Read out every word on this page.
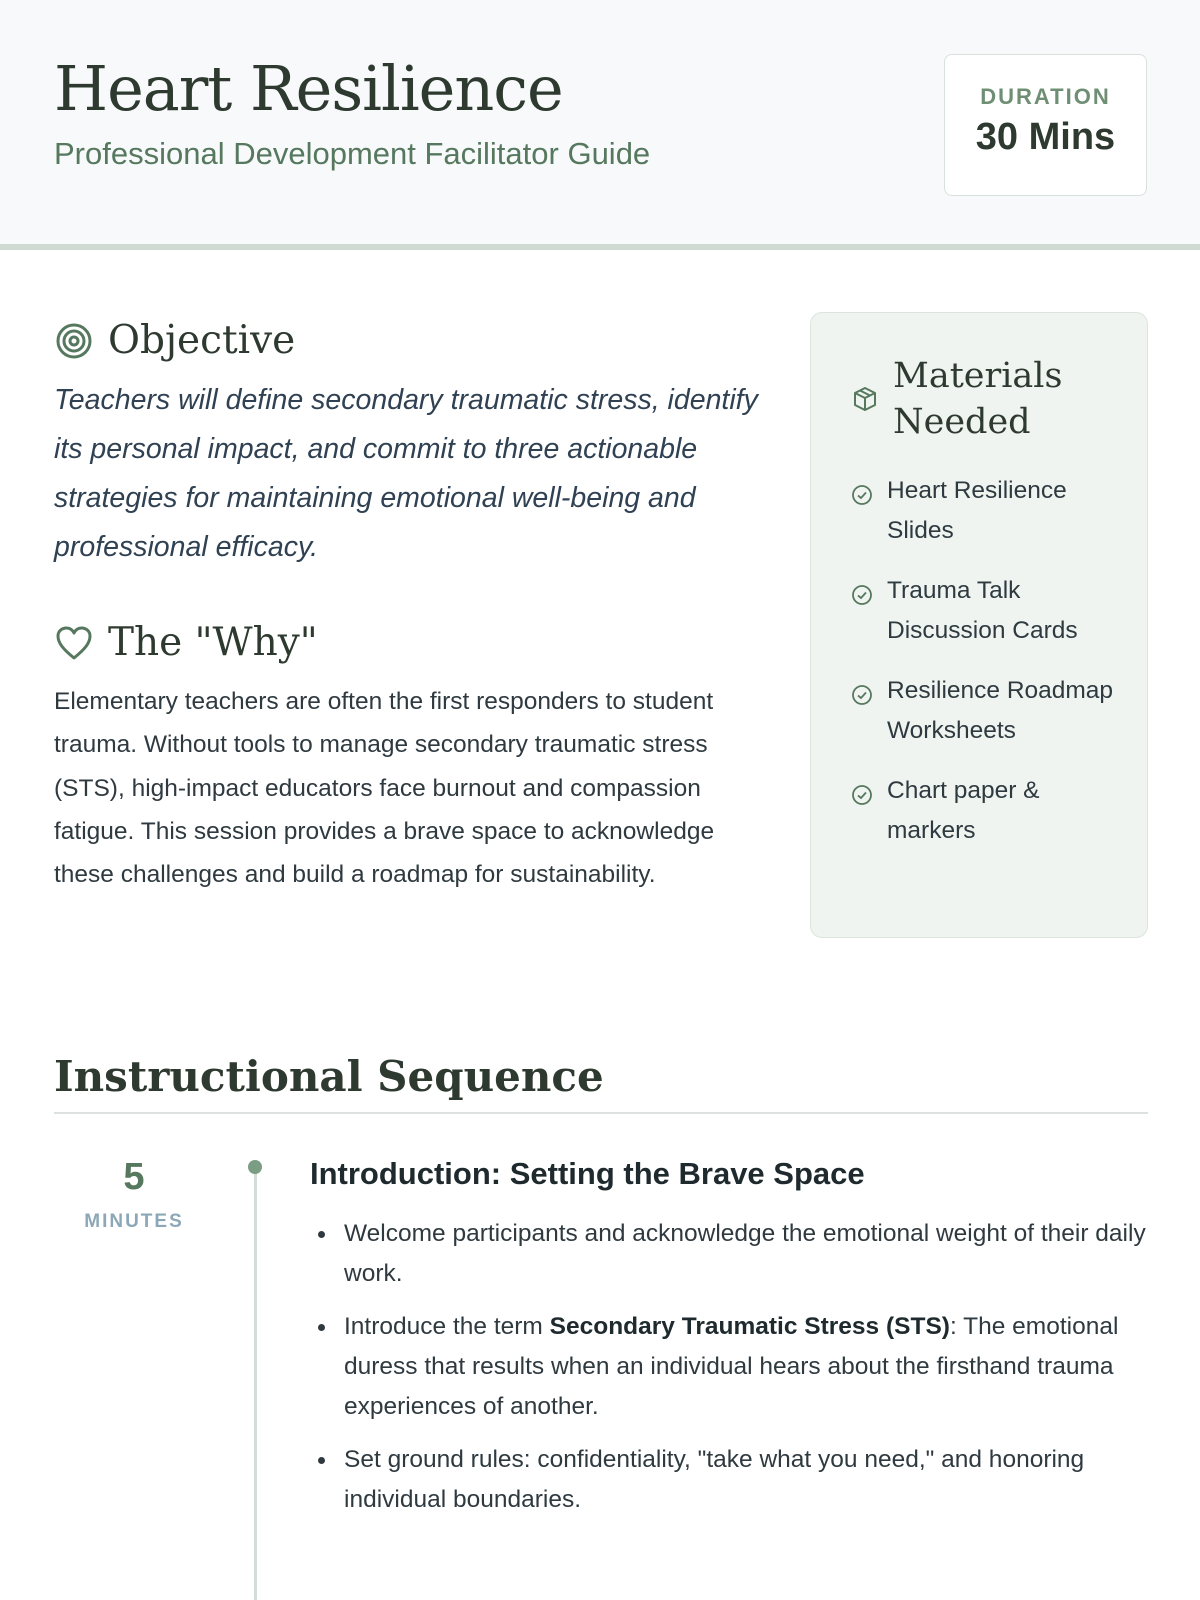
Heart Resilience
Professional Development Facilitator Guide
DURATION
30 Mins
Objective

Teachers will define secondary traumatic stress, identify its personal impact, and commit to three actionable strategies for maintaining emotional well-being and professional efficacy.

The "Why"

Elementary teachers are often the first responders to student trauma. Without tools to manage secondary traumatic stress (STS), high-impact educators face burnout and compassion fatigue. This session provides a brave space to acknowledge these challenges and build a roadmap for sustainability.

Materials Needed
Heart Resilience Slides
Trauma Talk Discussion Cards
Resilience Roadmap Worksheets
Chart paper & markers
Instructional Sequence
5
MINUTES
Introduction: Setting the Brave Space
Welcome participants and acknowledge the emotional weight of their daily work.
Introduce the term Secondary Traumatic Stress (STS): The emotional duress that results when an individual hears about the firsthand trauma experiences of another.
Set ground rules: confidentiality, "take what you need," and honoring individual boundaries.
